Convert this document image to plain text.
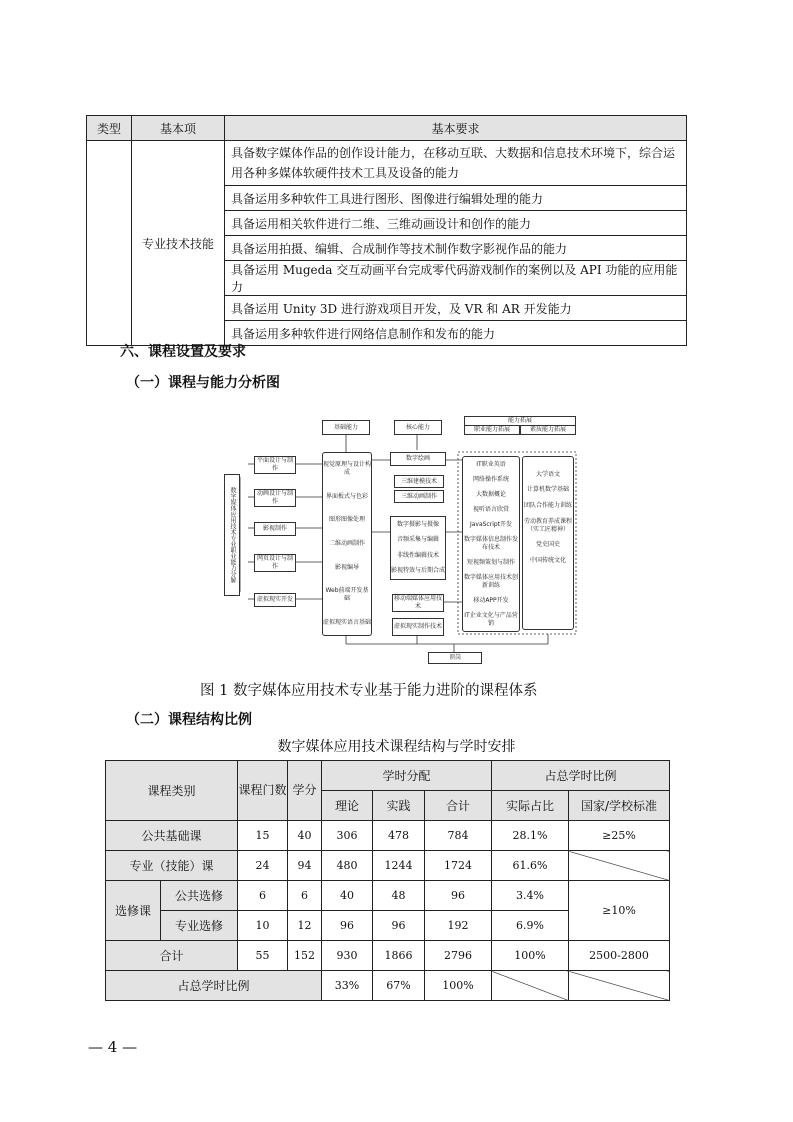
类型	基本项	基本要求
	专业技术技能	具备数字媒体作品的创作设计能力，在移动互联、大数据和信息技术环境下，综合运用各种多媒体软硬件技术工具及设备的能力
		具备运用多种软件工具进行图形、图像进行编辑处理的能力
		具备运用相关软件进行二维、三维动画设计和创作的能力
		具备运用拍摄、编辑、合成制作等技术制作数字影视作品的能力
		具备运用 Mugeda 交互动画平台完成零代码游戏制作的案例以及 API 功能的应用能力
		具备运用 Unity 3D 进行游戏项目开发，及 VR 和 AR 开发能力
		具备运用多种软件进行网络信息制作和发布的能力
六、课程设置及要求
（一）课程与能力分析图
数字媒体应用技术专业职业能力分解
平面设计与制作
动画设计与制作
影视制作
网页设计与制作
虚拟现实开发
基础能力
视觉原理与设计构成
界面板式与色彩
图形图像处理
二维动画制作
影视编导
Web前端开发基础
虚拟现实语言基础
核心能力
数字绘画
三维建模技术
三维动画制作
数字摄影与摄像
音频采集与编辑
非线性编辑技术
影视特效与后期合成
移动端媒体应用技术
虚拟现实制作技术
能力拓展
职业能力拓展	素质能力拓展
IT职业英语
网络操作系统
大数据概论
视听语言欣赏
JavaScript开发
数字媒体信息制作发布技术
短视频策划与制作
数字媒体应用技术创新训练
移动APP开发
IT企业文化与产品营销
大学语文
计算机数学基础
团队合作能力训练
劳动教育养成课程（实工匠精神）
党史国史
中国传统文化
顶岗
图 1 数字媒体应用技术专业基于能力进阶的课程体系
（二）课程结构比例
数字媒体应用技术课程结构与学时安排
课程类别		课程门数	学分	学时分配			占总学时比例	
				理论	实践	合计	实际占比	国家/学校标准
公共基础课		15	40	306	478	784	28.1%	≥25%
专业（技能）课		24	94	480	1244	1724	61.6%	
选修课	公共选修	6	6	40	48	96	3.4%	≥10%
	专业选修	10	12	96	96	192	6.9%	
合计		55	152	930	1866	2796	100%	2500-2800
占总学时比例				33%	67%	100%		
— 4 —
